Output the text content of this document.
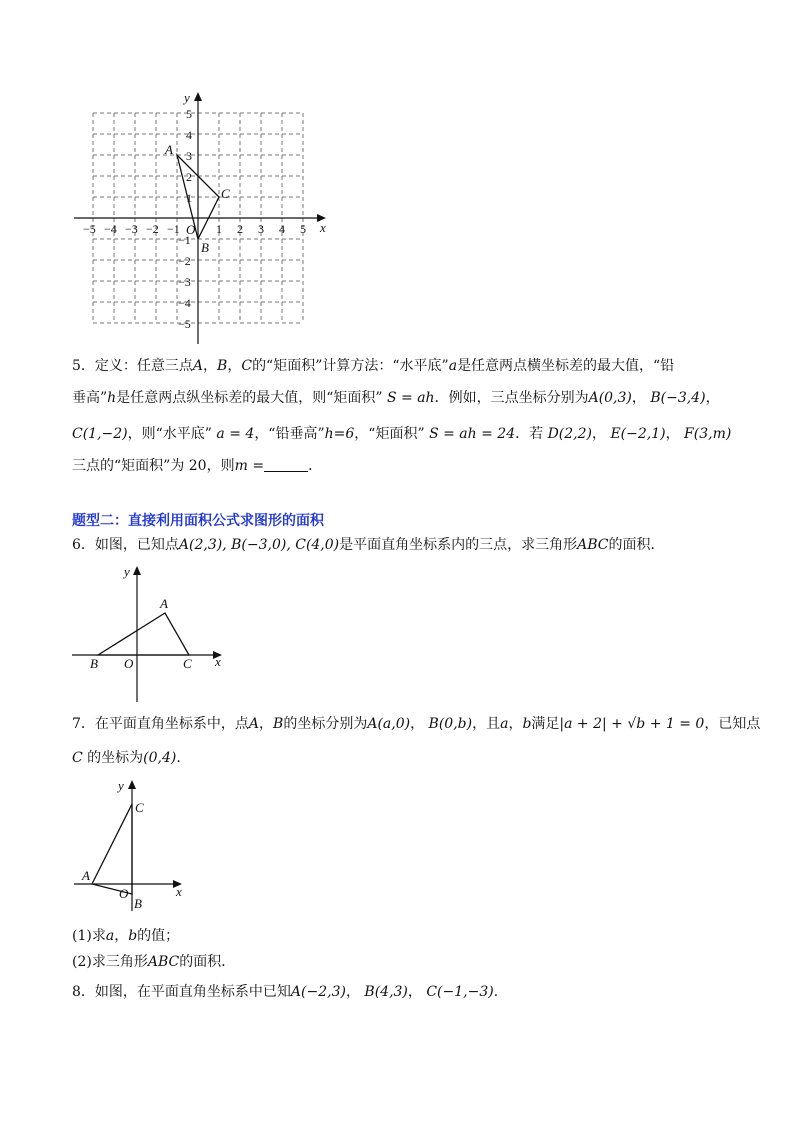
x
y
O
A
B
C
−5 −4 −3 −2 −1	1 2 3 4 5
5
4
3
2
1
−1
−2
−3
−4
−5
5．定义：任意三点A，B，C的“矩面积”计算方法：“水平底”a是任意两点横坐标差的最大值，“铅
垂高”h是任意两点纵坐标差的最大值，则“矩面积” S = ah．例如，三点坐标分别为A(0,3)， B(−3,4)，
C(1,−2)，则“水平底” a = 4，“铅垂高”h=6，“矩面积” S = ah = 24．若 D(2,2)， E(−2,1)， F(3,m)
三点的“矩面积”为 20，则m =	．
题型二：直接利用面积公式求图形的面积
6．如图，已知点A(2,3), B(−3,0), C(4,0)是平面直角坐标系内的三点，求三角形ABC的面积．
x
y
O
A
B	C
7．在平面直角坐标系中，点A，B的坐标分别为A(a,0)， B(0,b)，且a，b满足|a + 2| + √b + 1 = 0，已知点
C 的坐标为(0,4).
x
y
O
A
B
C
(1)求a，b的值；
(2)求三角形ABC的面积．
8．如图，在平面直角坐标系中已知A(−2,3)， B(4,3)， C(−1,−3)．
